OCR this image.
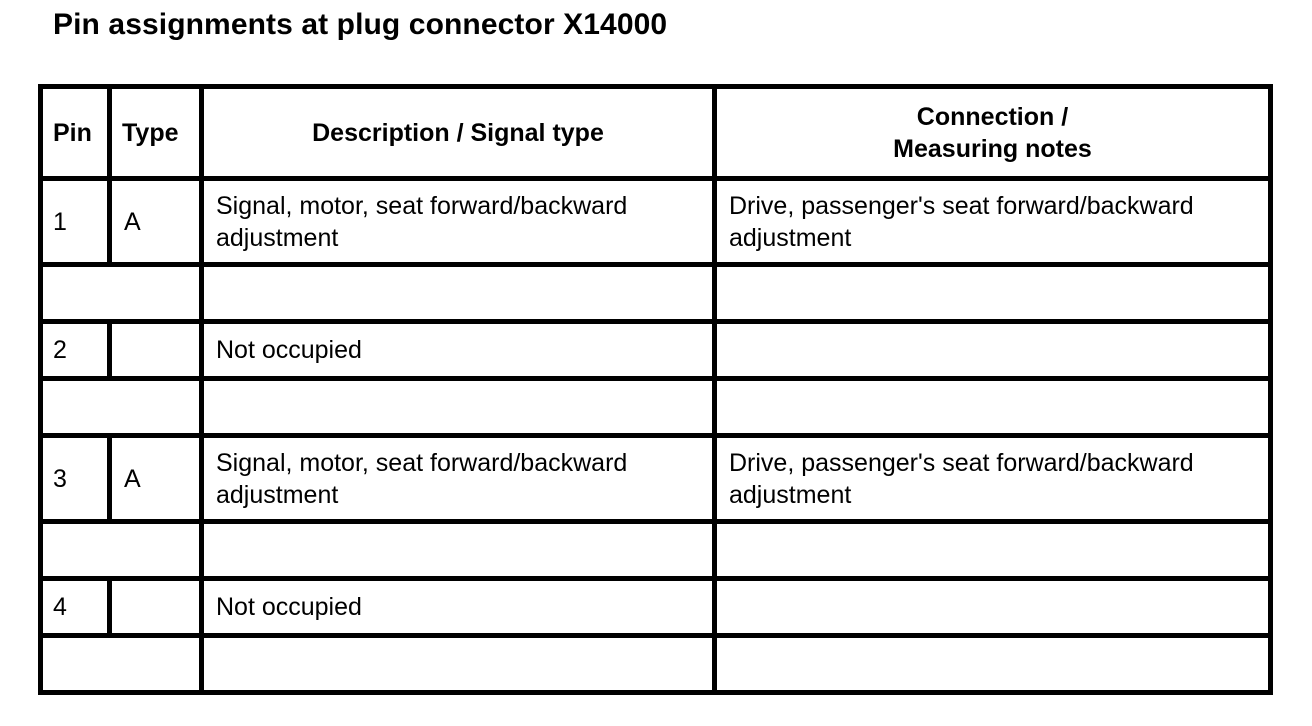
Pin assignments at plug connector X14000
Pin	Type	Description / Signal type	Connection /
Measuring notes

1	A	Signal, motor, seat forward/backward adjustment	Drive, passenger's seat forward/backward adjustment

2		Not occupied	

3	A	Signal, motor, seat forward/backward adjustment	Drive, passenger's seat forward/backward adjustment

4		Not occupied	
